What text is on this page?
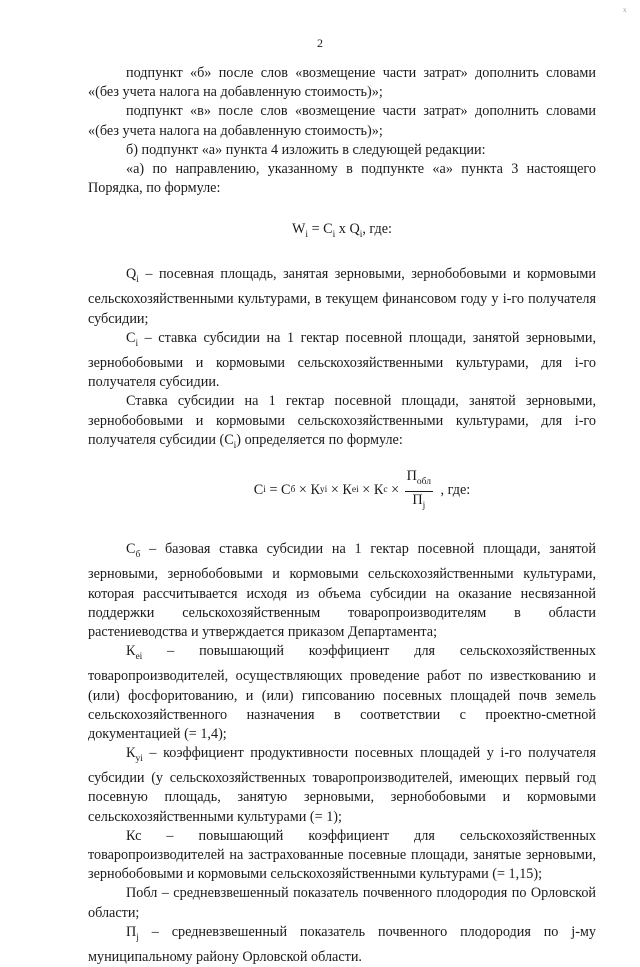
х
2

подпункт «б» после слов «возмещение части затрат» дополнить словами «(без учета налога на добавленную стоимость)»;

подпункт «в» после слов «возмещение части затрат» дополнить словами «(без учета налога на добавленную стоимость)»;

б) подпункт «а» пункта 4 изложить в следующей редакции:

«а) по направлению, указанному в подпункте «а» пункта 3 настоящего Порядка, по формуле:

$W_i = C_i$ x $Q_i$, где:

$Q_i$ – посевная площадь, занятая зерновыми, зернобобовыми и кормовыми сельскохозяйственными культурами, в текущем финансовом году у i-го получателя субсидии;

$C_i$ – ставка субсидии на 1 гектар посевной площади, занятой зерновыми, зернобобовыми и кормовыми сельскохозяйственными культурами, для i-го получателя субсидии.

Ставка субсидии на 1 гектар посевной площади, занятой зерновыми, зернобобовыми и кормовыми сельскохозяйственными культурами, для i-го получателя субсидии $(C_i)$ определяется по формуле:

C i = С б × К yi × К ei × К $c \times \frac{П_{обл}}{П_j}$ , где:

$С_б$ – базовая ставка субсидии на 1 гектар посевной площади, занятой зерновыми, зернобобовыми и кормовыми сельскохозяйственными культурами, которая рассчитывается исходя из объема субсидии на оказание несвязанной поддержки сельскохозяйственным товаропроизводителям в области растениеводства и утверждается приказом Департамента;

$К_{ei}$ – повышающий коэффициент для сельскохозяйственных товаропроизводителей, осуществляющих проведение работ по известкованию и (или) фосфоритованию, и (или) гипсованию посевных площадей почв земель сельскохозяйственного назначения в соответствии с проектно-сметной документацией (= 1,4);

$К_{yi}$ – коэффициент продуктивности посевных площадей у i-го получателя субсидии (у сельскохозяйственных товаропроизводителей, имеющих первый год посевную площадь, занятую зерновыми, зернобобовыми и кормовыми сельскохозяйственными культурами (= 1);

Кс – повышающий коэффициент для сельскохозяйственных товаропроизводителей на застрахованные посевные площади, занятые зерновыми, зернобобовыми и кормовыми сельскохозяйственными культурами (= 1,15);

Побл – средневзвешенный показатель почвенного плодородия по Орловской области;

$П_j$ – средневзвешенный показатель почвенного плодородия по j-му муниципальному району Орловской области.
